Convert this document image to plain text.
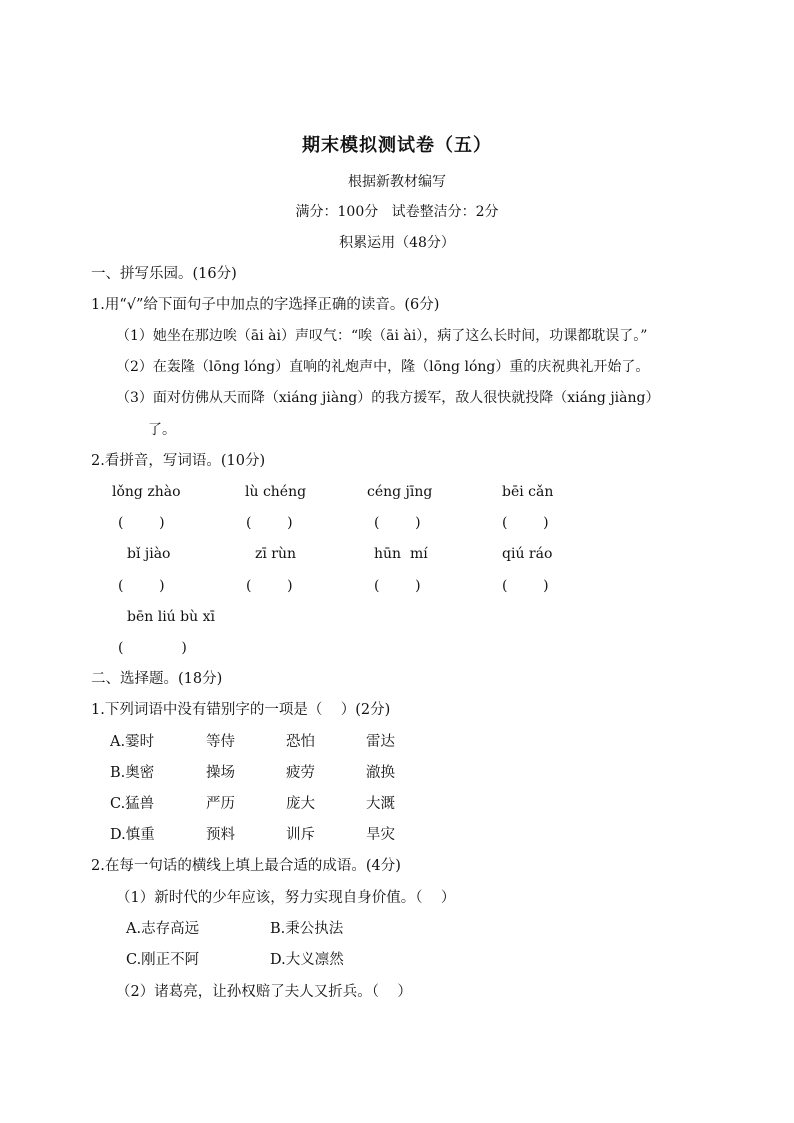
期末模拟测试卷（五）
根据新教材编写
满分：100分   试卷整洁分：2分
积累运用（48分）
一、拼写乐园。(16分)
1.用“√”给下面句子中加点的字选择正确的读音。(6分)
（1）她坐在那边唉（āi ài）声叹气：“唉（āi ài），病了这么长时间，功课都耽误了。”
（2）在轰隆（lōng lóng）直响的礼炮声中，隆（lōng lóng）重的庆祝典礼开始了。
（3）面对仿佛从天而降（xiáng jiàng）的我方援军，敌人很快就投降（xiáng jiàng）
了。
2.看拼音，写词语。(10分)
lǒng zhào	lù chéng	céng jīng	bēi cǎn
(        )	(        )	(        )	(        )
bǐ jiào	zī rùn	hūn  mí	qiú ráo
(        )	(        )	(        )	(        )
bēn liú bù xī
(             )
二、选择题。(18分)
1.下列词语中没有错别字的一项是（    ）(2分)
A.霎时	等侍	恐怕	雷达
B.奥密	操场	疲劳	澈换
C.猛兽	严历	庞大	大溉
D.慎重	预料	训斥	旱灾
2.在每一句话的横线上填上最合适的成语。(4分)
（1）新时代的少年应该，努力实现自身价值。（    ）
A.志存高远	B.秉公执法
C.刚正不阿	D.大义凛然
（2）诸葛亮，让孙权赔了夫人又折兵。（    ）
